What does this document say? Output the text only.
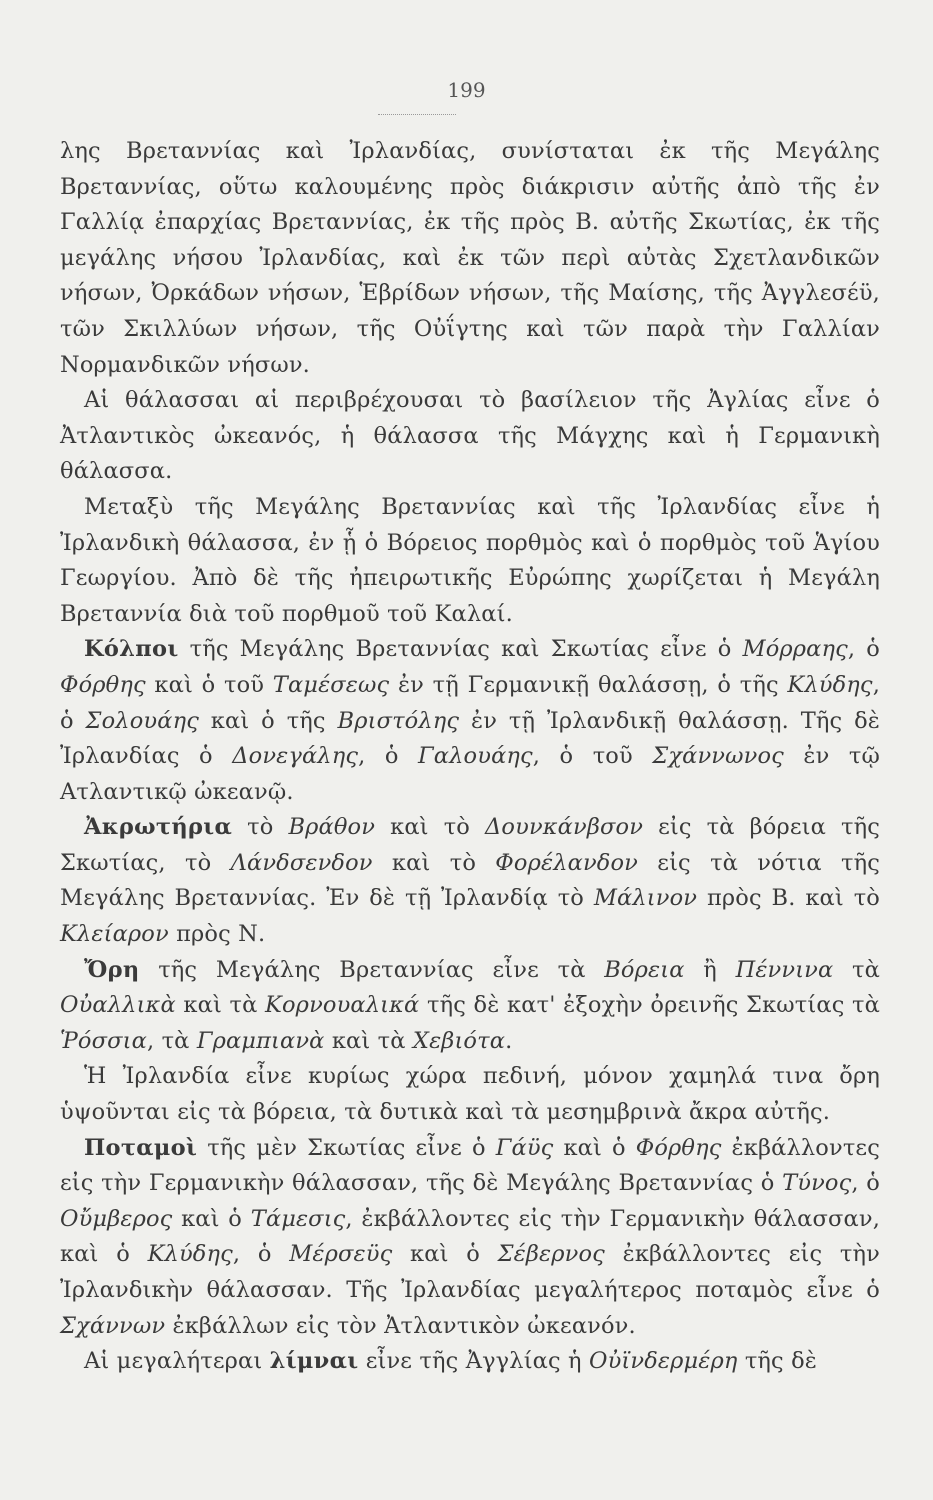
199

λης Βρεταννίας καὶ Ἰρλανδίας, συνίσταται ἐκ τῆς Μεγάλης Βρεταννίας, οὕτω καλουμένης πρὸς διάκρισιν αὐτῆς ἀπὸ τῆς ἐν Γαλλίᾳ ἐπαρχίας Βρεταννίας, ἐκ τῆς πρὸς Β. αὐτῆς Σκωτίας, ἐκ τῆς μεγάλης νήσου Ἰρλανδίας, καὶ ἐκ τῶν περὶ αὐτὰς Σχετλανδικῶν νήσων, Ὀρκάδων νήσων, Ἑβρίδων νήσων, τῆς Μαίσης, τῆς Ἀγγλεσέϋ, τῶν Σκιλλύων νήσων, τῆς Οὐΐγτης καὶ τῶν παρὰ τὴν Γαλλίαν Νορμανδικῶν νήσων.

Αἱ θάλασσαι αἱ περιβρέχουσαι τὸ βασίλειον τῆς Ἀγλίας εἶνε ὁ Ἀτλαντικὸς ὠκεανός, ἡ θάλασσα τῆς Μάγχης καὶ ἡ Γερμανικὴ θάλασσα.

Μεταξὺ τῆς Μεγάλης Βρεταννίας καὶ τῆς Ἰρλανδίας εἶνε ἡ Ἰρλανδικὴ θάλασσα, ἐν ᾗ ὁ Βόρειος πορθμὸς καὶ ὁ πορθμὸς τοῦ Ἁγίου Γεωργίου. Ἀπὸ δὲ τῆς ἠπειρωτικῆς Εὐρώπης χωρίζεται ἡ Μεγάλη Βρεταννία διὰ τοῦ πορθμοῦ τοῦ Καλαί.

Κόλποι τῆς Μεγάλης Βρεταννίας καὶ Σκωτίας εἶνε ὁ Μόρραης, ὁ Φόρθης καὶ ὁ τοῦ Ταμέσεως ἐν τῇ Γερμανικῇ θαλάσσῃ, ὁ τῆς Κλύδης, ὁ Σολουάης καὶ ὁ τῆς Βριστόλης ἐν τῇ Ἰρλανδικῇ θαλάσσῃ. Τῆς δὲ Ἰρλανδίας ὁ Δονεγάλης, ὁ Γαλουάης, ὁ τοῦ Σχάννωνος ἐν τῷ Ατλαντικῷ ὠκεανῷ.

Ἀκρωτήρια τὸ Βράθον καὶ τὸ Δουνκάνβσον εἰς τὰ βόρεια τῆς Σκωτίας, τὸ Λάνδσενδον καὶ τὸ Φορέλανδον εἰς τὰ νότια τῆς Μεγάλης Βρεταννίας. Ἐν δὲ τῇ Ἰρλανδίᾳ τὸ Μάλινον πρὸς Β. καὶ τὸ Κλείαρον πρὸς Ν.

Ὄρη τῆς Μεγάλης Βρεταννίας εἶνε τὰ Βόρεια ἢ Πέννινα τὰ Οὐαλλικὰ καὶ τὰ Κορνουαλικά τῆς δὲ κατ' ἐξοχὴν ὀρεινῆς Σκωτίας τὰ Ῥόσσια, τὰ Γραμπιανὰ καὶ τὰ Χεβιότα.

Ἡ Ἰρλανδία εἶνε κυρίως χώρα πεδινή, μόνον χαμηλά τινα ὄρη ὑψοῦνται εἰς τὰ βόρεια, τὰ δυτικὰ καὶ τὰ μεσημβρινὰ ἄκρα αὐτῆς.

Ποταμοὶ τῆς μὲν Σκωτίας εἶνε ὁ Γάϋς καὶ ὁ Φόρθης ἐκβάλλοντες εἰς τὴν Γερμανικὴν θάλασσαν, τῆς δὲ Μεγάλης Βρεταννίας ὁ Τύνος, ὁ Οὔμβερος καὶ ὁ Τάμεσις, ἐκβάλλοντες εἰς τὴν Γερμανικὴν θάλασσαν, καὶ ὁ Κλύδης, ὁ Μέρσεϋς καὶ ὁ Σέβερνος ἐκβάλλοντες εἰς τὴν Ἰρλανδικὴν θάλασσαν. Τῆς Ἰρλανδίας μεγαλήτερος ποταμὸς εἶνε ὁ Σχάννων ἐκβάλλων εἰς τὸν Ἀτλαντικὸν ὠκεανόν.

Αἱ μεγαλήτεραι λίμναι εἶνε τῆς Ἀγγλίας ἡ Οὐϊνδερμέρη τῆς δὲ
